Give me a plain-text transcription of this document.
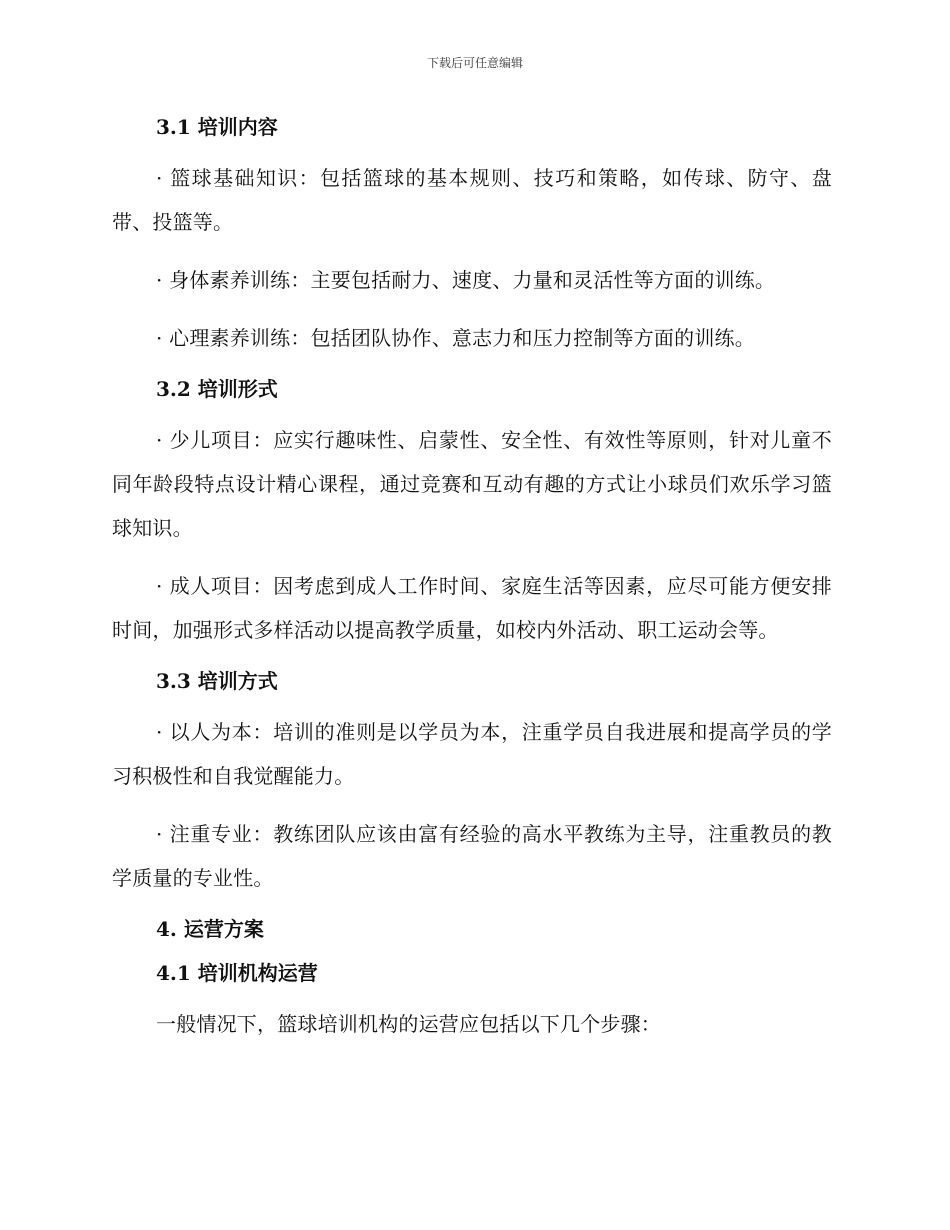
下载后可任意编辑
3.1 培训内容
· 篮球基础知识：包括篮球的基本规则、技巧和策略，如传球、防守、盘带、投篮等。
· 身体素养训练：主要包括耐力、速度、力量和灵活性等方面的训练。
· 心理素养训练：包括团队协作、意志力和压力控制等方面的训练。
3.2 培训形式
· 少儿项目：应实行趣味性、启蒙性、安全性、有效性等原则，针对儿童不同年龄段特点设计精心课程，通过竞赛和互动有趣的方式让小球员们欢乐学习篮球知识。
· 成人项目：因考虑到成人工作时间、家庭生活等因素，应尽可能方便安排时间，加强形式多样活动以提高教学质量，如校内外活动、职工运动会等。
3.3 培训方式
· 以人为本：培训的准则是以学员为本，注重学员自我进展和提高学员的学习积极性和自我觉醒能力。
· 注重专业：教练团队应该由富有经验的高水平教练为主导，注重教员的教学质量的专业性。
4. 运营方案
4.1 培训机构运营
一般情况下，篮球培训机构的运营应包括以下几个步骤：
